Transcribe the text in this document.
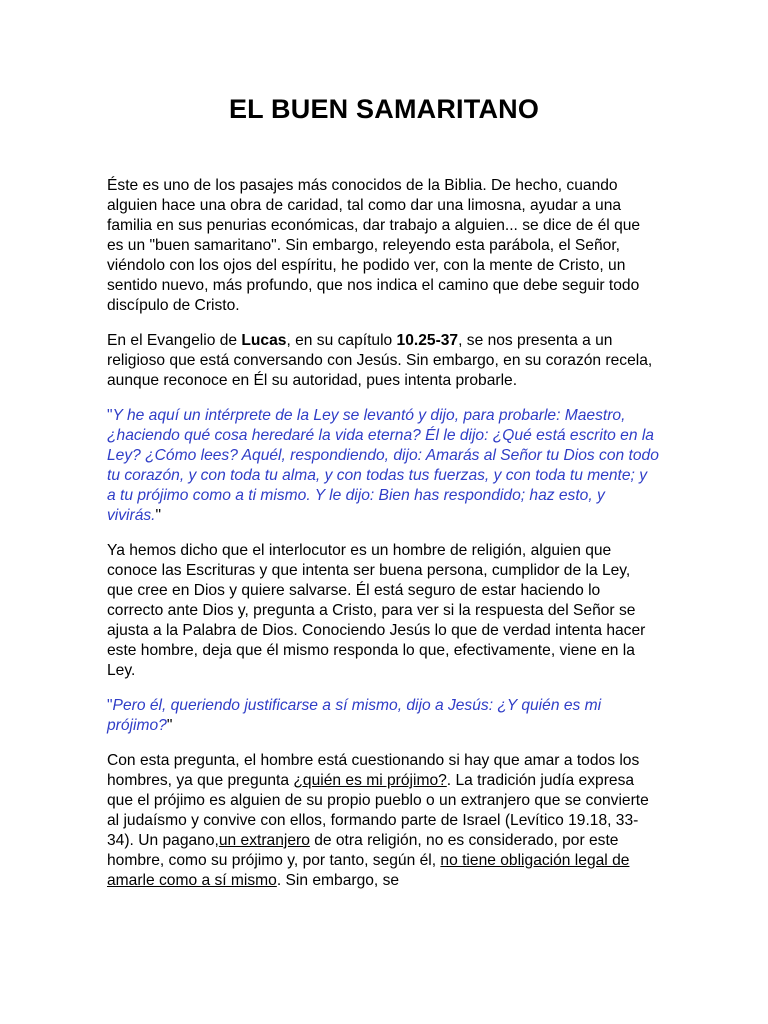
EL BUEN SAMARITANO

Éste es uno de los pasajes más conocidos de la Biblia. De hecho, cuando alguien hace una obra de caridad, tal como dar una limosna, ayudar a una familia en sus penurias económicas, dar trabajo a alguien... se dice de él que es un "buen samaritano". Sin embargo, releyendo esta parábola, el Señor, viéndolo con los ojos del espíritu, he podido ver, con la mente de Cristo, un sentido nuevo, más profundo, que nos indica el camino que debe seguir todo discípulo de Cristo.

En el Evangelio de Lucas, en su capítulo 10.25-37, se nos presenta a un religioso que está conversando con Jesús. Sin embargo, en su corazón recela, aunque reconoce en Él su autoridad, pues intenta probarle.

"Y he aquí un intérprete de la Ley se levantó y dijo, para probarle: Maestro, ¿haciendo qué cosa heredaré la vida eterna? Él le dijo: ¿Qué está escrito en la Ley? ¿Cómo lees? Aquél, respondiendo, dijo: Amarás al Señor tu Dios con todo tu corazón, y con toda tu alma, y con todas tus fuerzas, y con toda tu mente; y a tu prójimo como a ti mismo. Y le dijo: Bien has respondido; haz esto, y vivirás."

Ya hemos dicho que el interlocutor es un hombre de religión, alguien que conoce las Escrituras y que intenta ser buena persona, cumplidor de la Ley, que cree en Dios y quiere salvarse. Él está seguro de estar haciendo lo correcto ante Dios y, pregunta a Cristo, para ver si la respuesta del Señor se ajusta a la Palabra de Dios. Conociendo Jesús lo que de verdad intenta hacer este hombre, deja que él mismo responda lo que, efectivamente, viene en la Ley.

"Pero él, queriendo justificarse a sí mismo, dijo a Jesús: ¿Y quién es mi prójimo?"

Con esta pregunta, el hombre está cuestionando si hay que amar a todos los hombres, ya que pregunta ¿quién es mi prójimo?. La tradición judía expresa que el prójimo es alguien de su propio pueblo o un extranjero que se convierte al judaísmo y convive con ellos, formando parte de Israel (Levítico 19.18, 33-34). Un pagano,un extranjero de otra religión, no es considerado, por este hombre, como su prójimo y, por tanto, según él, no tiene obligación legal de amarle como a sí mismo. Sin embargo, se
